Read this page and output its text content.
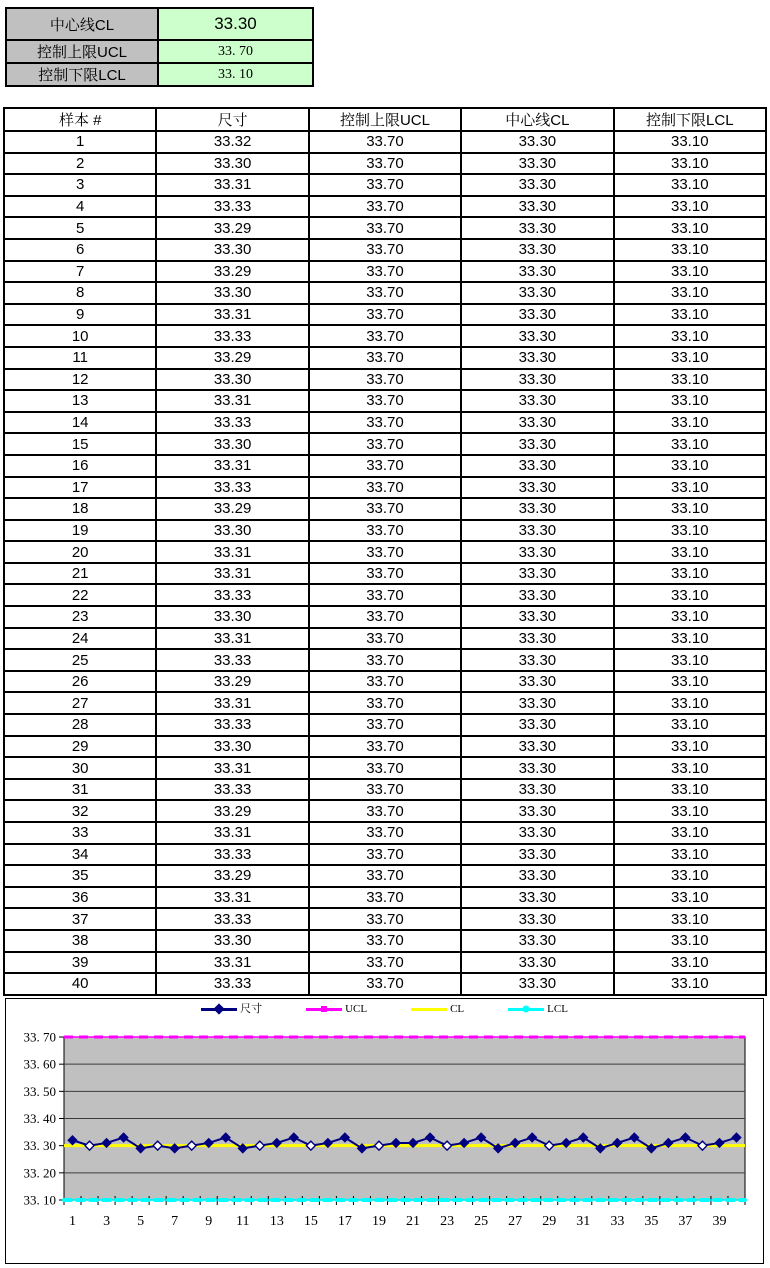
中心线CL	33.30
控制上限UCL	33. 70
控制下限LCL	33. 10
样本 #	尺寸	控制上限UCL	中心线CL	控制下限LCL
1	33.32	33.70	33.30	33.10
2	33.30	33.70	33.30	33.10
3	33.31	33.70	33.30	33.10
4	33.33	33.70	33.30	33.10
5	33.29	33.70	33.30	33.10
6	33.30	33.70	33.30	33.10
7	33.29	33.70	33.30	33.10
8	33.30	33.70	33.30	33.10
9	33.31	33.70	33.30	33.10
10	33.33	33.70	33.30	33.10
11	33.29	33.70	33.30	33.10
12	33.30	33.70	33.30	33.10
13	33.31	33.70	33.30	33.10
14	33.33	33.70	33.30	33.10
15	33.30	33.70	33.30	33.10
16	33.31	33.70	33.30	33.10
17	33.33	33.70	33.30	33.10
18	33.29	33.70	33.30	33.10
19	33.30	33.70	33.30	33.10
20	33.31	33.70	33.30	33.10
21	33.31	33.70	33.30	33.10
22	33.33	33.70	33.30	33.10
23	33.30	33.70	33.30	33.10
24	33.31	33.70	33.30	33.10
25	33.33	33.70	33.30	33.10
26	33.29	33.70	33.30	33.10
27	33.31	33.70	33.30	33.10
28	33.33	33.70	33.30	33.10
29	33.30	33.70	33.30	33.10
30	33.31	33.70	33.30	33.10
31	33.33	33.70	33.30	33.10
32	33.29	33.70	33.30	33.10
33	33.31	33.70	33.30	33.10
34	33.33	33.70	33.30	33.10
35	33.29	33.70	33.30	33.10
36	33.31	33.70	33.30	33.10
37	33.33	33.70	33.30	33.10
38	33.30	33.70	33.30	33.10
39	33.31	33.70	33.30	33.10
40	33.33	33.70	33.30	33.10
尺寸	UCL	CL	LCL
33. 70
33. 60
33. 50
33. 40
33. 30
33. 20
33. 10
1 3 5 7 9 11 13 15 17 19 21 23 25 27 29 31 33 35 37 39
